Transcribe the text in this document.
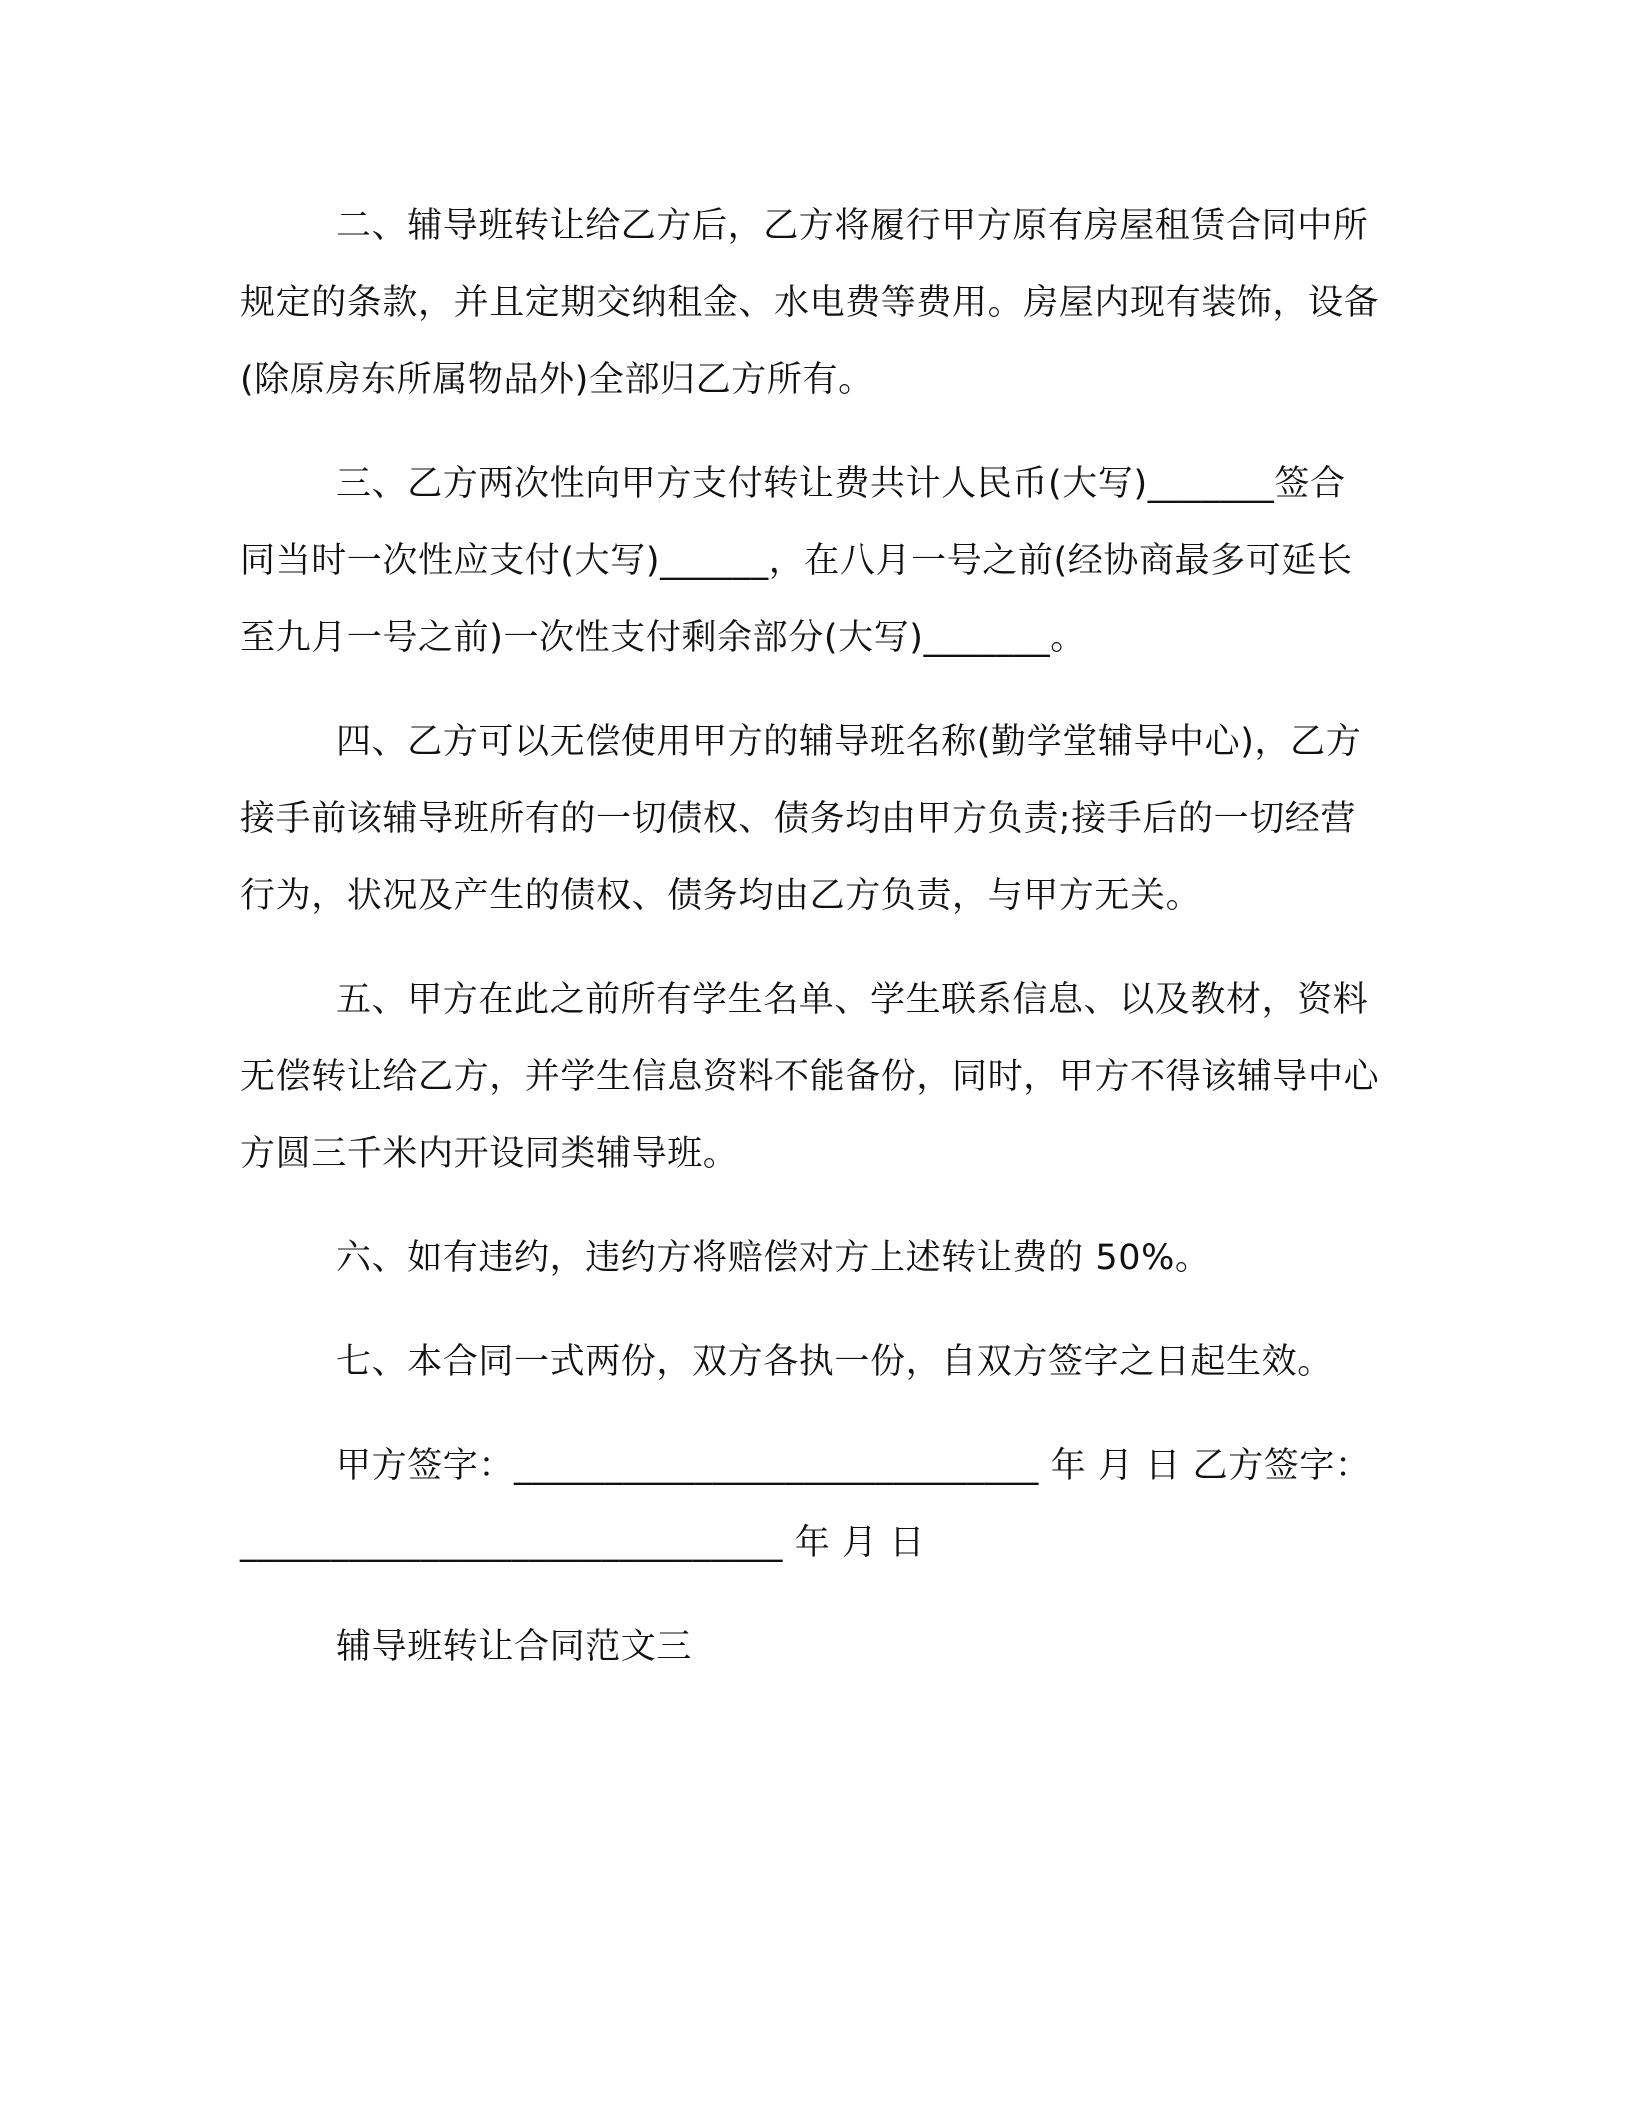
二、辅导班转让给乙方后，乙方将履行甲方原有房屋租赁合同中所规定的条款，并且定期交纳租金、水电费等费用。房屋内现有装饰，设备(除原房东所属物品外)全部归乙方所有。

三、乙方两次性向甲方支付转让费共计人民币(大写)_______签合同当时一次性应支付(大写)______，在八月一号之前(经协商最多可延长至九月一号之前)一次性支付剩余部分(大写)_______。

四、乙方可以无偿使用甲方的辅导班名称(勤学堂辅导中心)，乙方接手前该辅导班所有的一切债权、债务均由甲方负责;接手后的一切经营行为，状况及产生的债权、债务均由乙方负责，与甲方无关。

五、甲方在此之前所有学生名单、学生联系信息、以及教材，资料无偿转让给乙方，并学生信息资料不能备份，同时，甲方不得该辅导中心方圆三千米内开设同类辅导班。

六、如有违约，违约方将赔偿对方上述转让费的 50%。

七、本合同一式两份，双方各执一份，自双方签字之日起生效。

甲方签字：_____________________________ 年 月 日 乙方签字：______________________________ 年 月 日

辅导班转让合同范文三
